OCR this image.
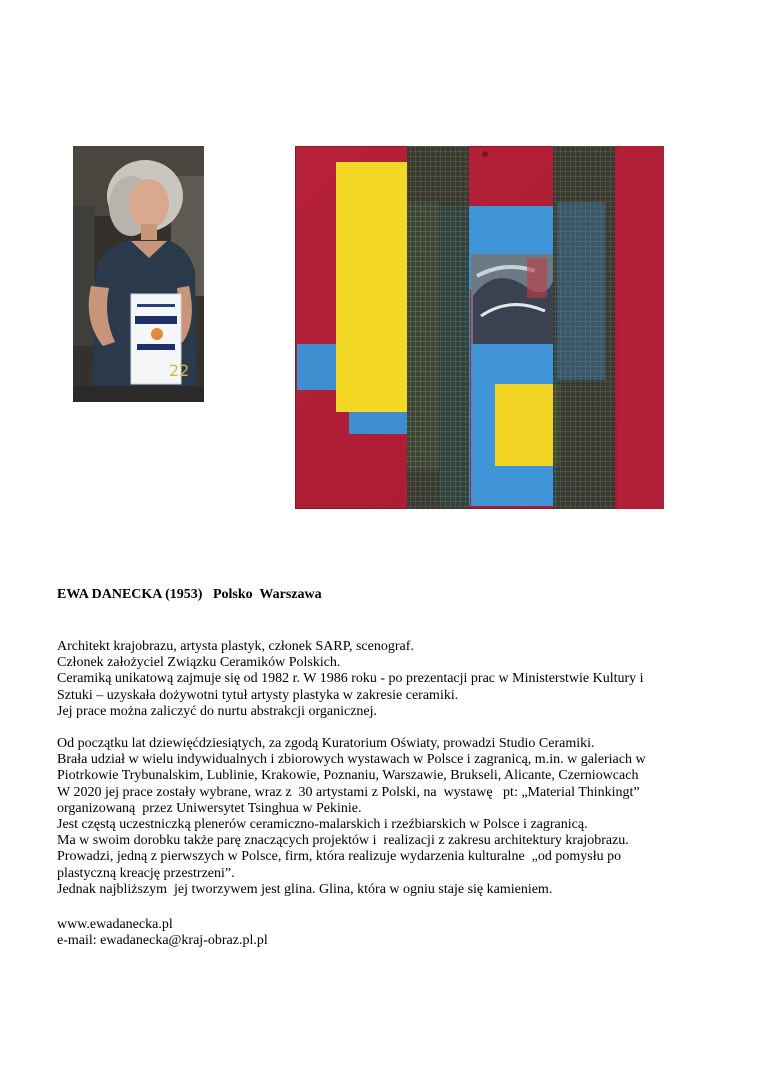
22
EWA DANECKA (1953)   Polsko  Warszawa
Architekt krajobrazu, artysta plastyk, członek SARP, scenograf.
Członek założyciel Związku Ceramików Polskich.
Ceramiką unikatową zajmuje się od 1982 r. W 1986 roku - po prezentacji prac w Ministerstwie Kultury i
Sztuki – uzyskała dożywotni tytuł artysty plastyka w zakresie ceramiki.
Jej prace można zaliczyć do nurtu abstrakcji organicznej.
Od początku lat dziewięćdziesiątych, za zgodą Kuratorium Oświaty, prowadzi Studio Ceramiki.
Brała udział w wielu indywidualnych i zbiorowych wystawach w Polsce i zagranicą, m.in. w galeriach w
Piotrkowie Trybunalskim, Lublinie, Krakowie, Poznaniu, Warszawie, Brukseli, Alicante, Czerniowcach
W 2020 jej prace zostały wybrane, wraz z  30 artystami z Polski, na  wystawę   pt: „Material Thinkingt”
organizowaną  przez Uniwersytet Tsinghua w Pekinie.
Jest częstą uczestniczką plenerów ceramiczno-malarskich i rzeźbiarskich w Polsce i zagranicą.
Ma w swoim dorobku także parę znaczących projektów i  realizacji z zakresu architektury krajobrazu.
Prowadzi, jedną z pierwszych w Polsce, firm, która realizuje wydarzenia kulturalne  „od pomysłu po
plastyczną kreację przestrzeni”.
Jednak najbliższym  jej tworzywem jest glina. Glina, która w ogniu staje się kamieniem.
www.ewadanecka.pl
e-mail: ewadanecka@kraj-obraz.pl.pl
